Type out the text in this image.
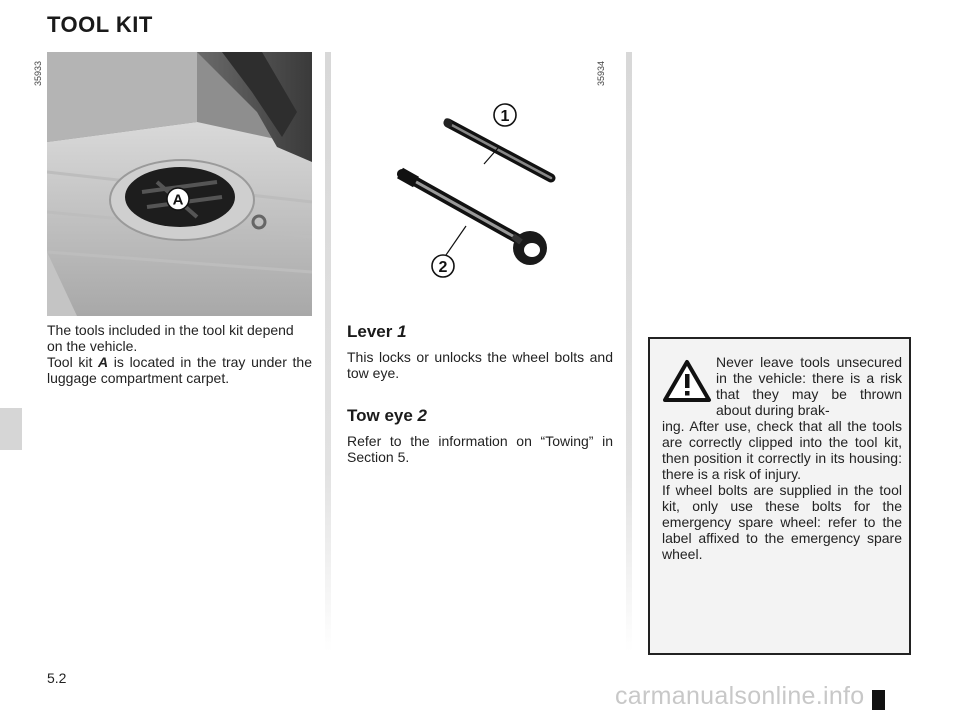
TOOL KIT
35933	35934
A
1
2
The tools included in the tool kit depend on the vehicle.
Tool kit A is located in the tray under the luggage compartment carpet.
Lever 1
This locks or unlocks the wheel bolts and tow eye.
Tow eye 2
Refer to the information on “Towing” in Section 5.
Never leave tools unsecured in the vehicle: there is a risk that they may be thrown about during brak-
ing. After use, check that all the tools are correctly clipped into the tool kit, then position it correctly in its housing: there is a risk of injury.
If wheel bolts are supplied in the tool kit, only use these bolts for the emergency spare wheel: refer to the label affixed to the emergency spare wheel.
5.2
carmanualsonline.info
